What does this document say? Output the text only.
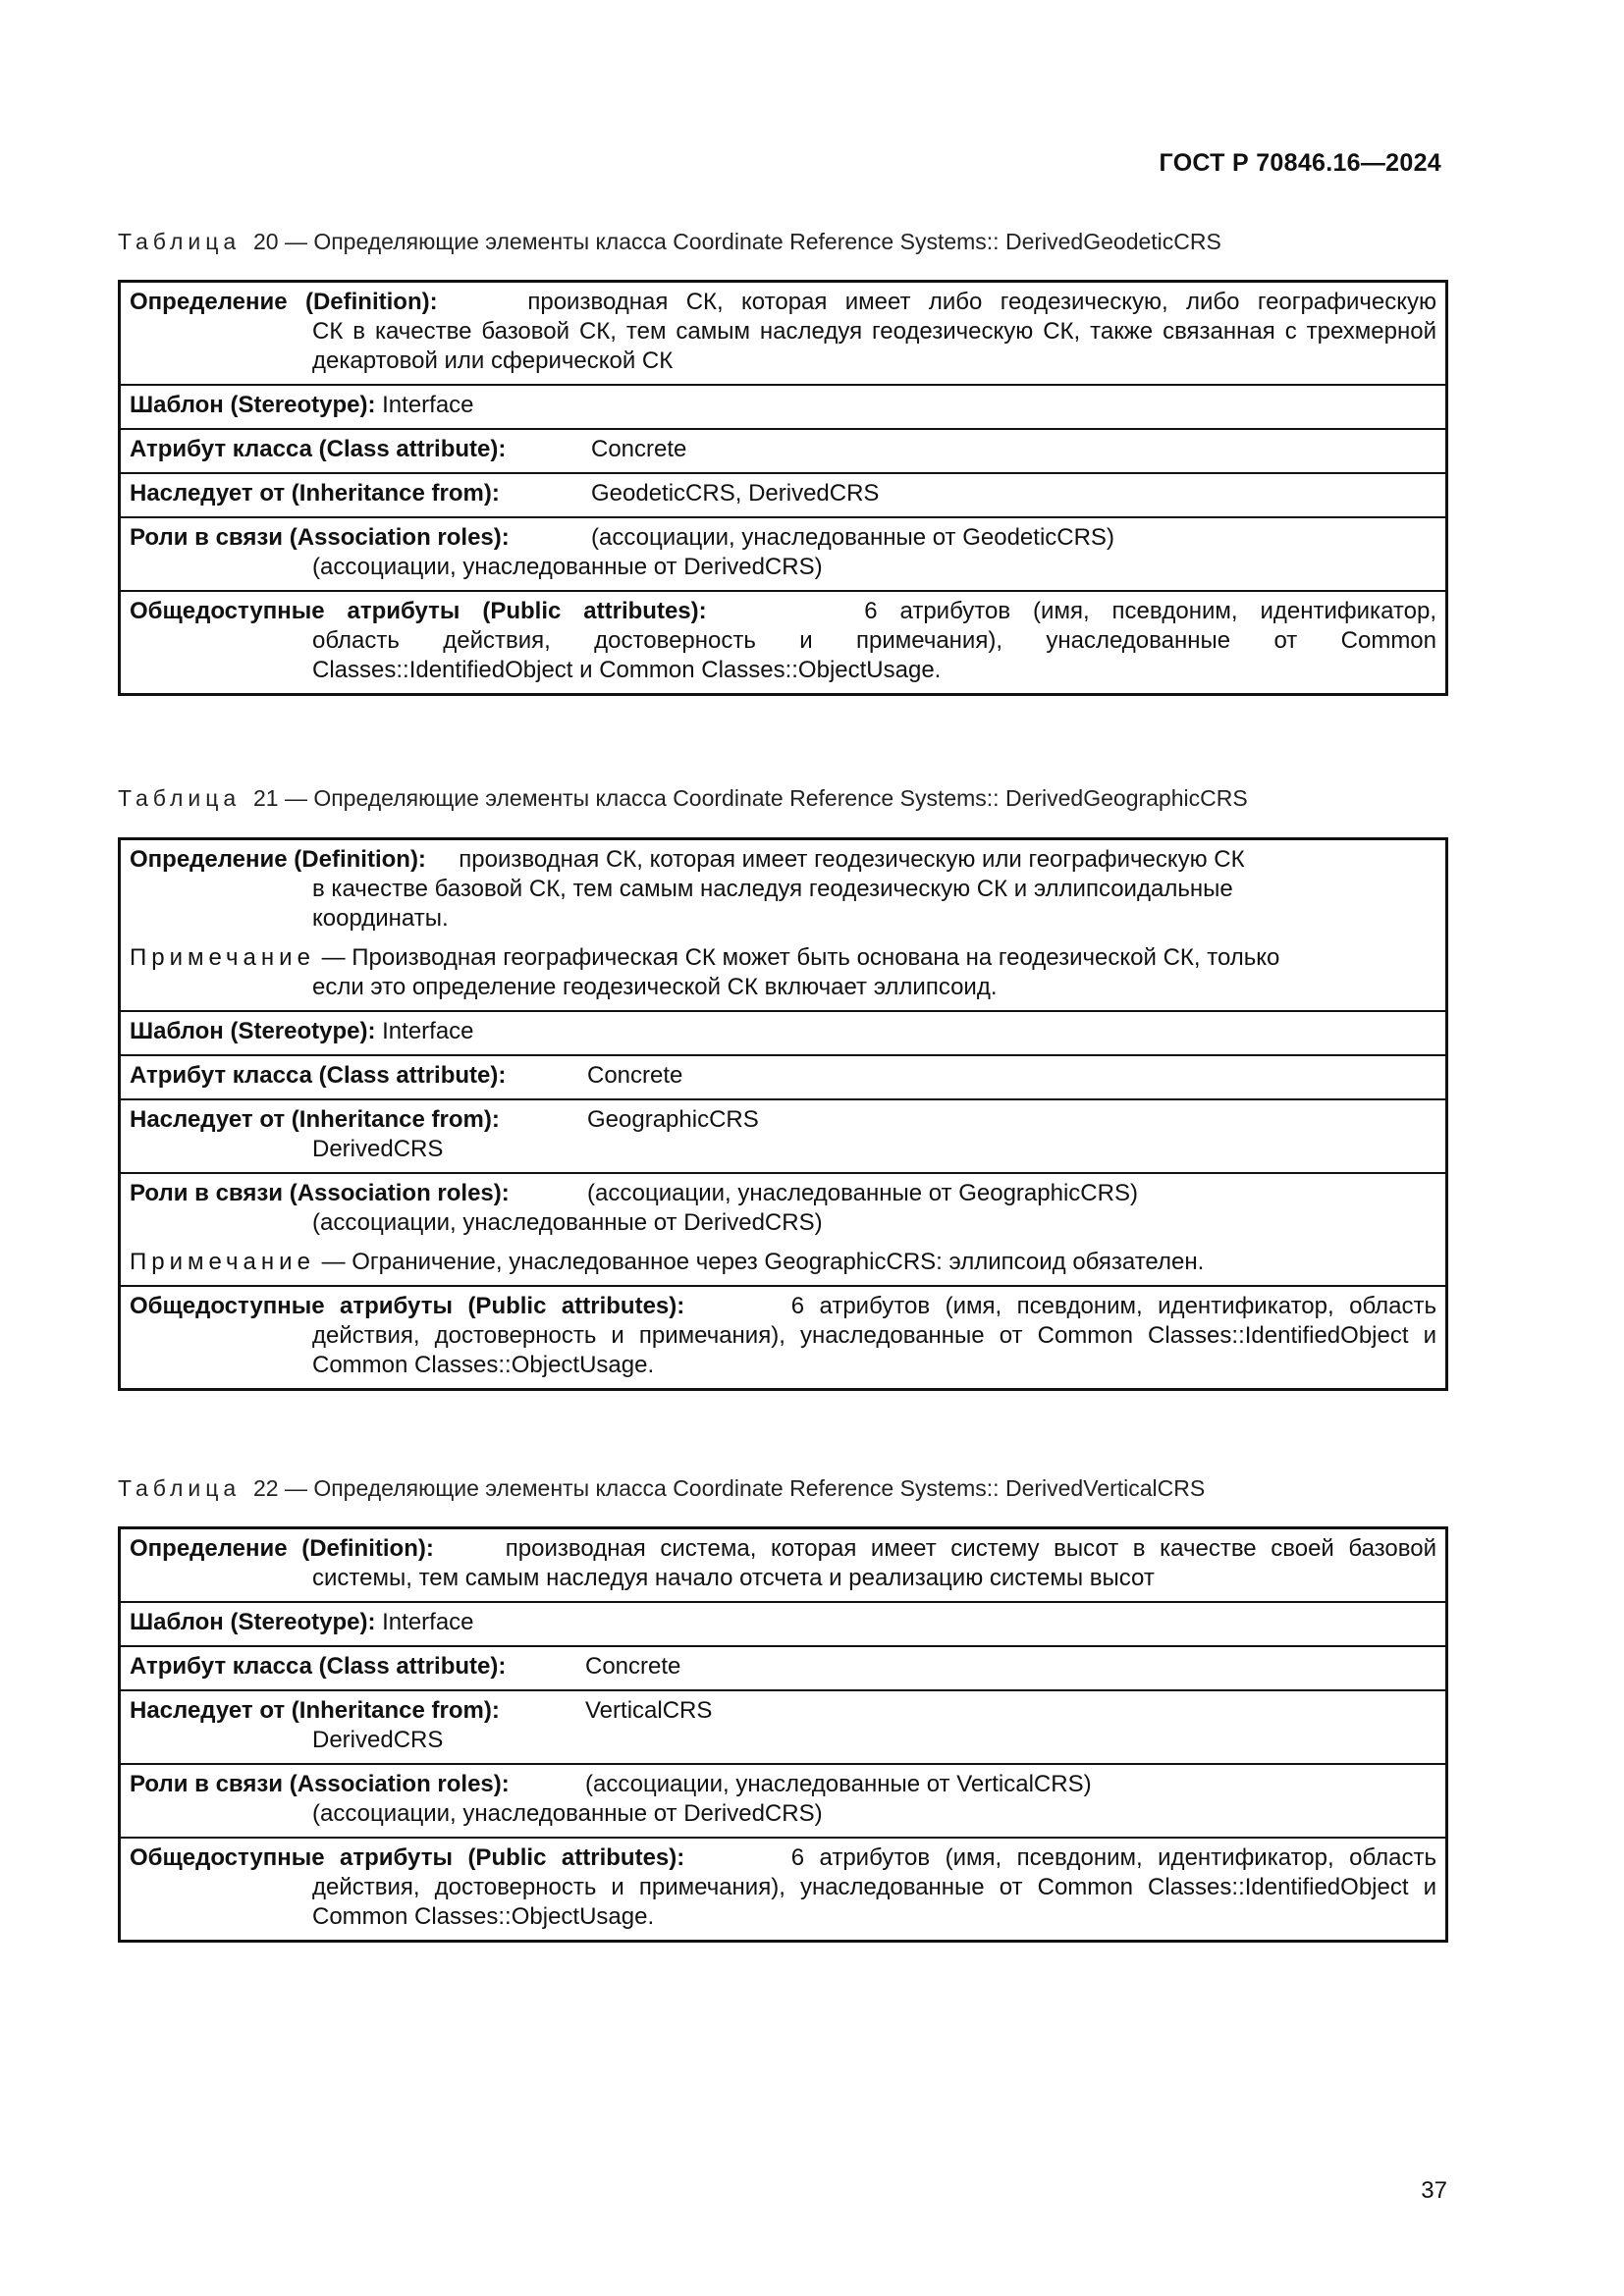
ГОСТ Р 70846.16—2024
Таблица 20 — Определяющие элементы класса Coordinate Reference Systems:: DerivedGeodeticCRS
Определение (Definition):	производная СК, которая имеет либо геодезическую, либо географическую
СК в качестве базовой СК, тем самым наследуя геодезическую СК, также связанная с трехмерной декартовой или сферической СК

Шаблон (Stereotype): Interface

Атрибут класса (Class attribute):	Concrete

Наследует от (Inheritance from):	GeodeticCRS, DerivedCRS

Роли в связи (Association roles):	(ассоциации, унаследованные от GeodeticCRS)
(ассоциации, унаследованные от DerivedCRS)

Общедоступные атрибуты (Public attributes):	6 атрибутов (имя, псевдоним, идентификатор,
область действия, достоверность и примечания), унаследованные от Common Classes::IdentifiedObject и Common Classes::ObjectUsage.
Таблица 21 — Определяющие элементы класса Coordinate Reference Systems:: DerivedGeographicCRS
Определение (Definition): производная СК, которая имеет геодезическую или географическую СК
в качестве базовой СК, тем самым наследуя геодезическую СК и эллипсоидальные
координаты.
Примечание — Производная географическая СК может быть основана на геодезической СК, только
если это определение геодезической СК включает эллипсоид.

Шаблон (Stereotype): Interface

Атрибут класса (Class attribute):	Concrete

Наследует от (Inheritance from):	GeographicCRS
DerivedCRS

Роли в связи (Association roles):	(ассоциации, унаследованные от GeographicCRS)
(ассоциации, унаследованные от DerivedCRS)
Примечание — Ограничение, унаследованное через GeographicCRS: эллипсоид обязателен.

Общедоступные атрибуты (Public attributes):	6 атрибутов (имя, псевдоним, идентификатор, область
действия, достоверность и примечания), унаследованные от Common Classes::IdentifiedObject и Common Classes::ObjectUsage.
Таблица 22 — Определяющие элементы класса Coordinate Reference Systems:: DerivedVerticalCRS
Определение (Definition):	производная система, которая имеет систему высот в качестве своей базовой
системы, тем самым наследуя начало отсчета и реализацию системы высот

Шаблон (Stereotype): Interface

Атрибут класса (Class attribute):	Concrete

Наследует от (Inheritance from):	VerticalCRS
DerivedCRS

Роли в связи (Association roles):	(ассоциации, унаследованные от VerticalCRS)
(ассоциации, унаследованные от DerivedCRS)

Общедоступные атрибуты (Public attributes):	6 атрибутов (имя, псевдоним, идентификатор, область
действия, достоверность и примечания), унаследованные от Common Classes::IdentifiedObject и Common Classes::ObjectUsage.
37
